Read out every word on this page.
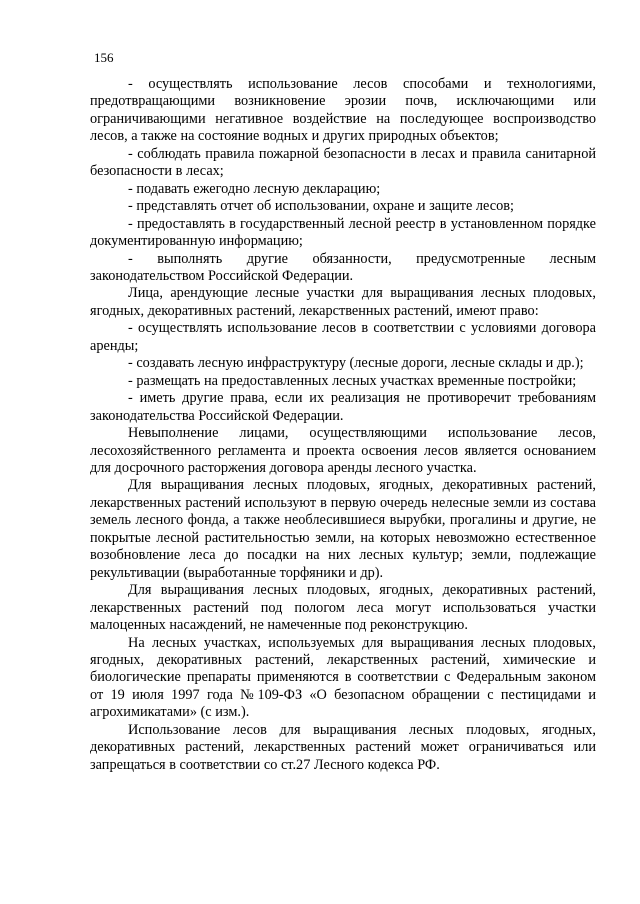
156

- осуществлять использование лесов способами и технологиями, предотвращающими возникновение эрозии почв, исключающими или ограничивающими негативное воздействие на последующее воспроизводство лесов, а также на состояние водных и других природных объектов;

- соблюдать правила пожарной безопасности в лесах и правила санитарной безопасности в лесах;

- подавать ежегодно лесную декларацию;

- представлять отчет об использовании, охране и защите лесов;

- предоставлять в государственный лесной реестр в установленном порядке документированную информацию;

- выполнять другие обязанности, предусмотренные лесным законодательством Российской Федерации.

Лица, арендующие лесные участки для выращивания лесных плодовых, ягодных, декоративных растений, лекарственных растений, имеют право:

- осуществлять использование лесов в соответствии с условиями договора аренды;

- создавать лесную инфраструктуру (лесные дороги, лесные склады и др.);

- размещать на предоставленных лесных участках временные постройки;

- иметь другие права, если их реализация не противоречит требованиям законодательства Российской Федерации.

Невыполнение лицами, осуществляющими использование лесов, лесохозяйственного регламента и проекта освоения лесов является основанием для досрочного расторжения договора аренды лесного участка.

Для выращивания лесных плодовых, ягодных, декоративных растений, лекарственных растений используют в первую очередь нелесные земли из состава земель лесного фонда, а также необлесившиеся вырубки, прогалины и другие, не покрытые лесной растительностью земли, на которых невозможно естественное возобновление леса до посадки на них лесных культур; земли, подлежащие рекультивации (выработанные торфяники и др).

Для выращивания лесных плодовых, ягодных, декоративных растений, лекарственных растений под пологом леса могут использоваться участки малоценных насаждений, не намеченные под реконструкцию.

На лесных участках, используемых для выращивания лесных плодовых, ягодных, декоративных растений, лекарственных растений, химические и биологические препараты применяются в соответствии с Федеральным законом от 19 июля 1997 года №109-ФЗ «О безопасном обращении с пестицидами и агрохимикатами» (с изм.).

Использование лесов для выращивания лесных плодовых, ягодных, декоративных растений, лекарственных растений может ограничиваться или запрещаться в соответствии со ст.27 Лесного кодекса РФ.
